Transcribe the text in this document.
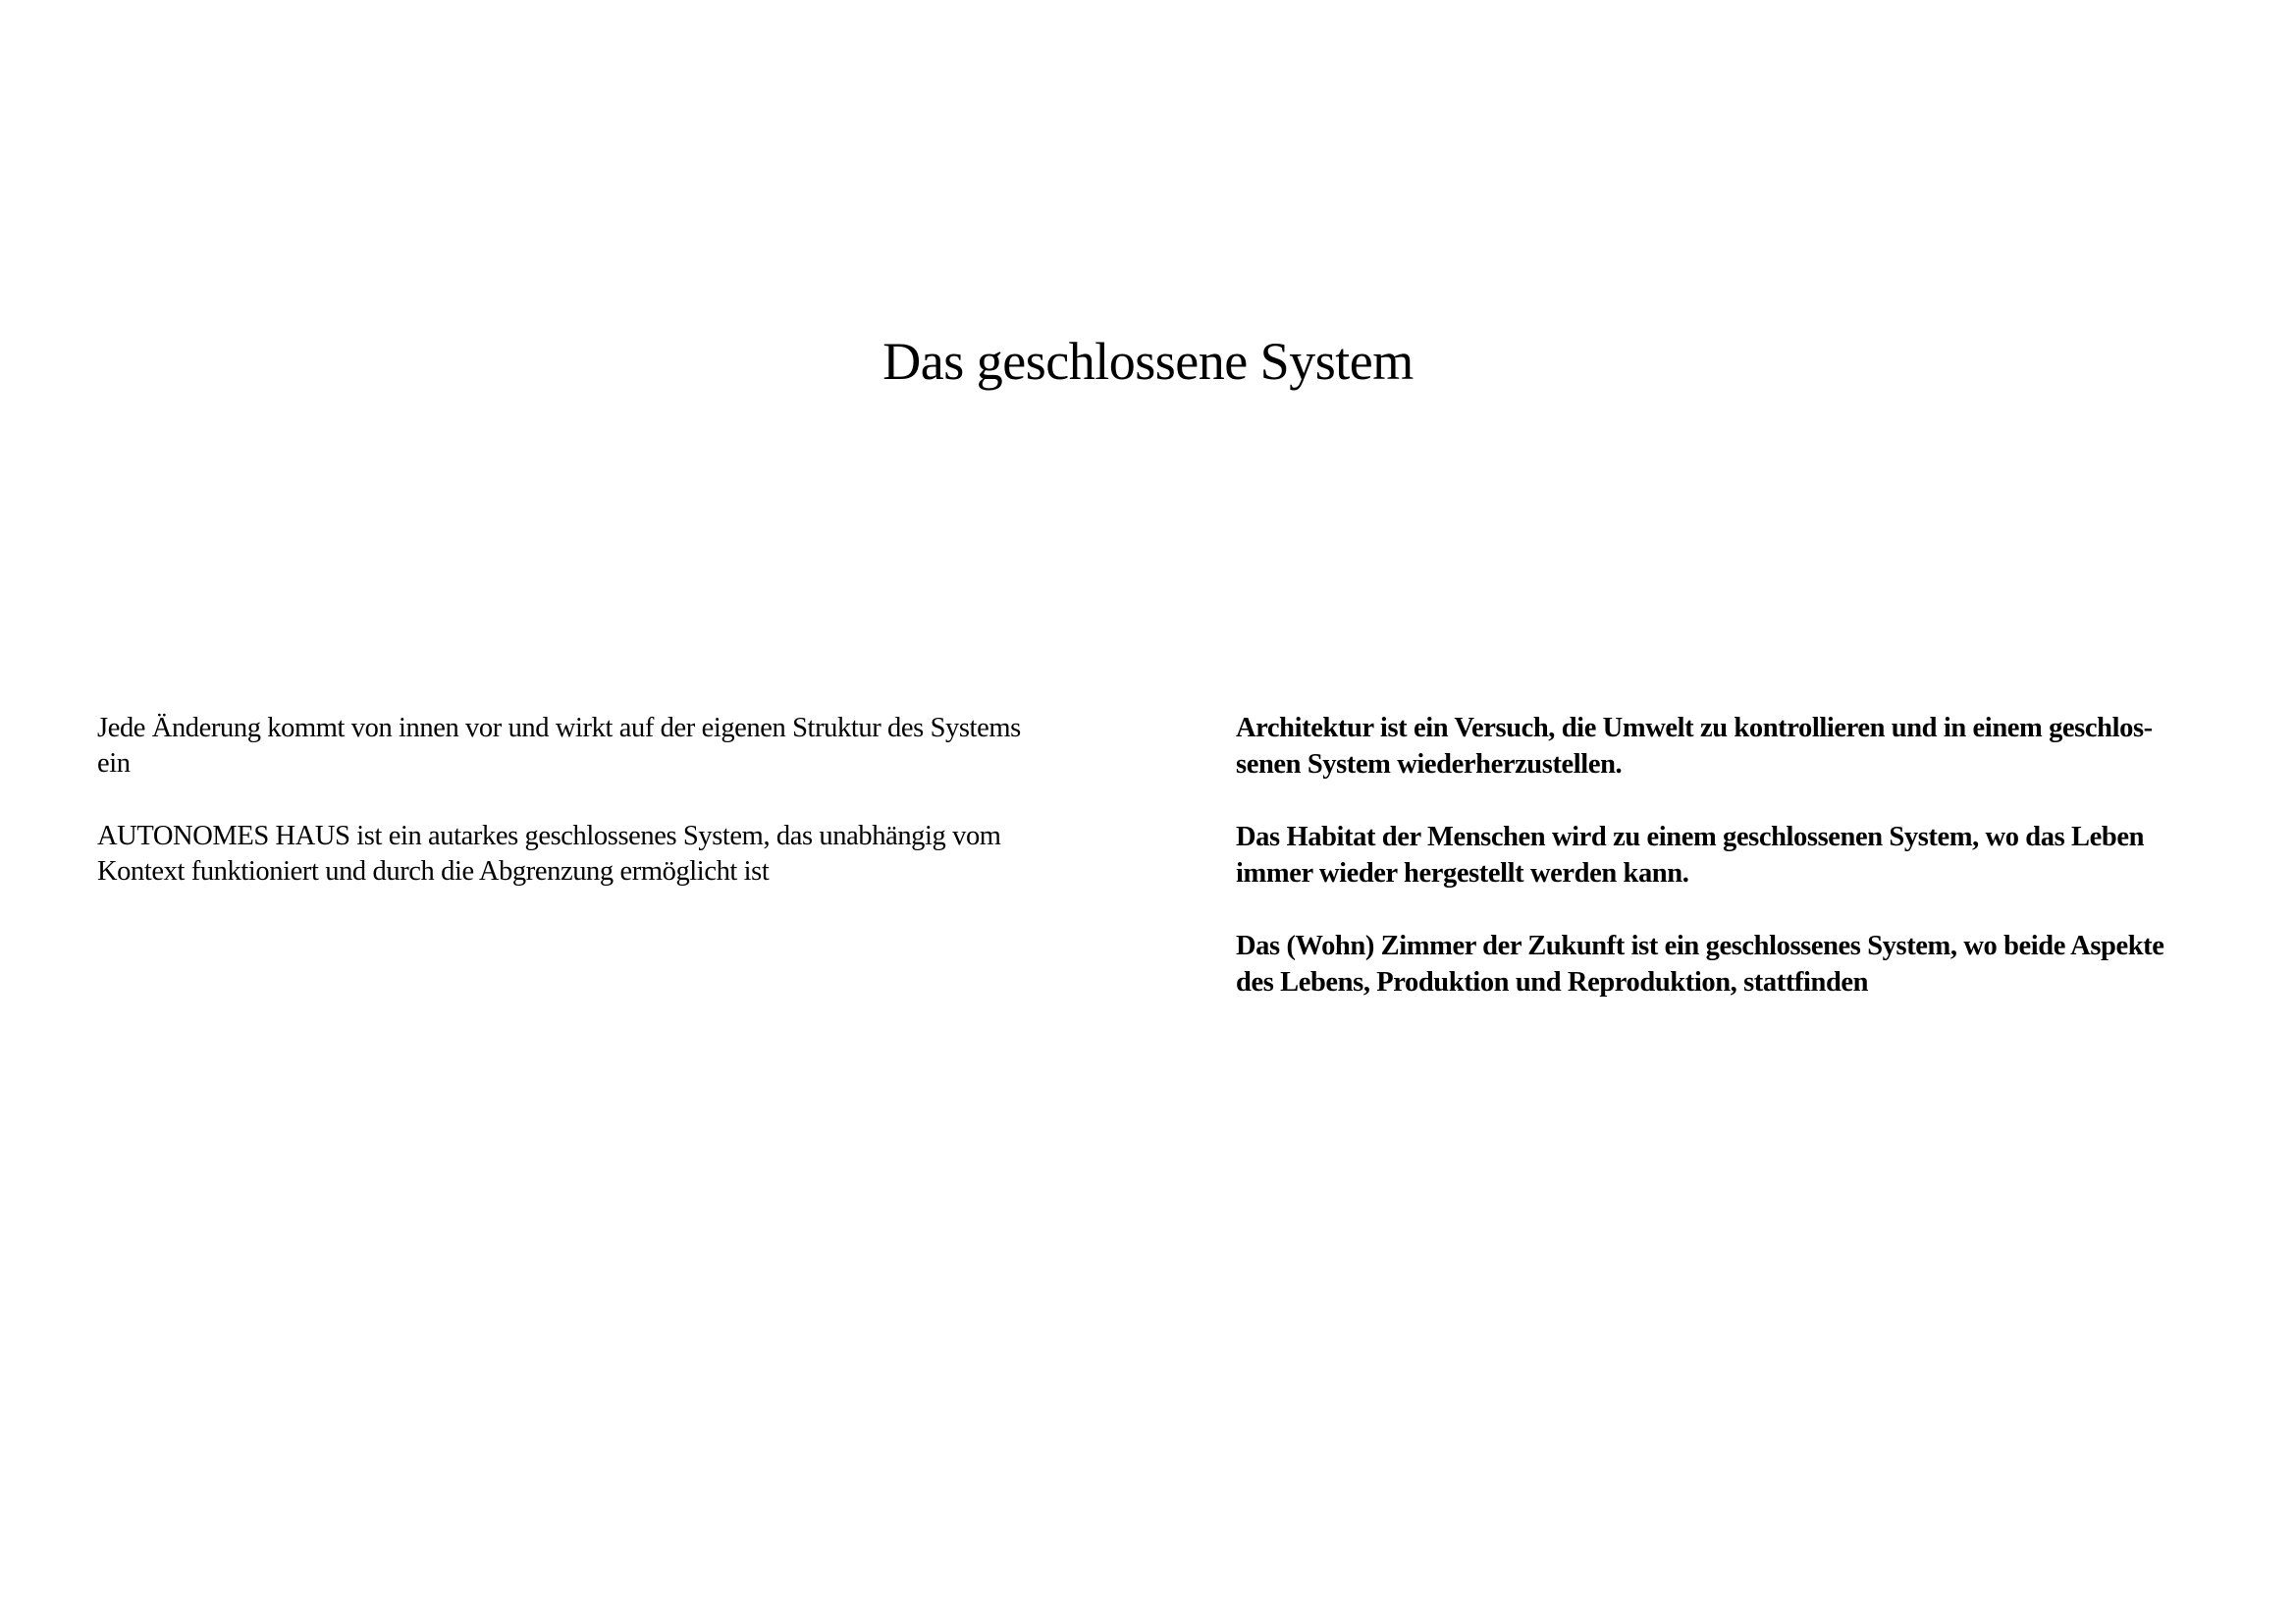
Das geschlossene System
Jede Änderung kommt von innen vor und wirkt auf der eigenen Struktur des Systems
ein
AUTONOMES HAUS ist ein autarkes geschlossenes System, das unabhängig vom
Kontext funktioniert und durch die Abgrenzung ermöglicht ist
Architektur ist ein Versuch, die Umwelt zu kontrollieren und in einem geschlos-
senen System wiederherzustellen.
Das Habitat der Menschen wird zu einem geschlossenen System, wo das Leben
immer wieder hergestellt werden kann.
Das (Wohn) Zimmer der Zukunft ist ein geschlossenes System, wo beide Aspekte
des Lebens, Produktion und Reproduktion, stattfinden
